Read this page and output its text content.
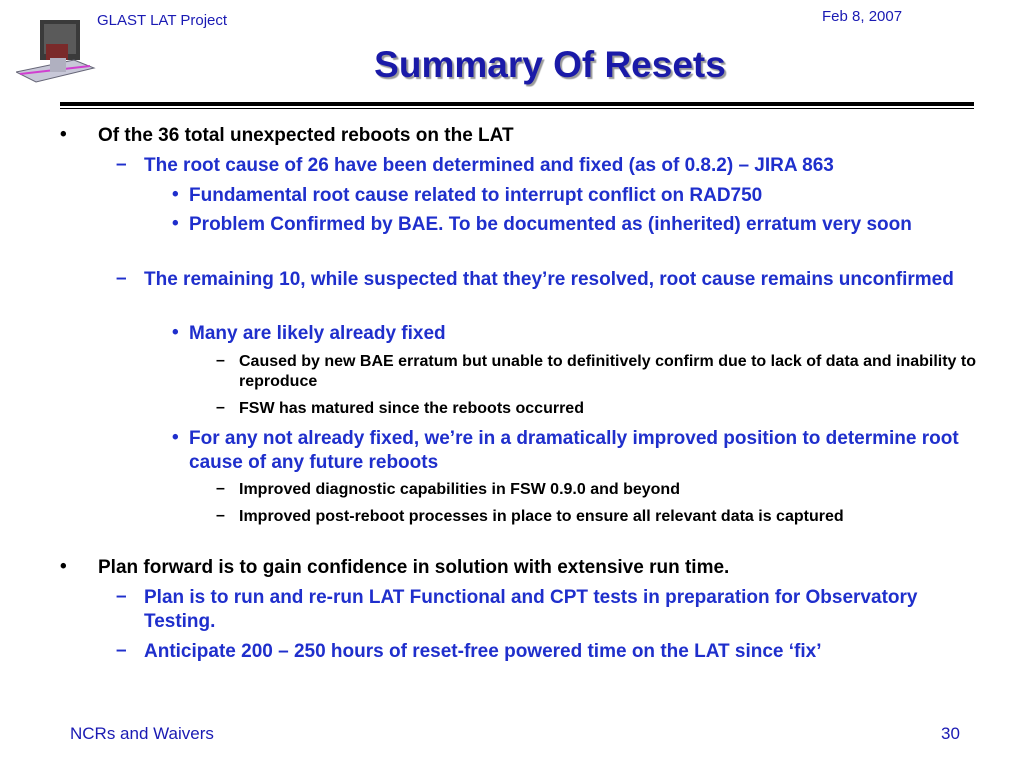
GLAST LAT Project	Feb 8, 2007
Summary Of Resets
• Of the 36 total unexpected reboots on the LAT
– The root cause of 26 have been determined and fixed (as of 0.8.2) – JIRA 863
• Fundamental root cause related to interrupt conflict on RAD750
• Problem Confirmed by BAE. To be documented as (inherited) erratum very soon
– The remaining 10, while suspected that they’re resolved, root cause remains unconfirmed
• Many are likely already fixed
– Caused by new BAE erratum but unable to definitively confirm due to lack of data and inability to reproduce
– FSW has matured since the reboots occurred
• For any not already fixed, we’re in a dramatically improved position to determine root cause of any future reboots
– Improved diagnostic capabilities in FSW 0.9.0 and beyond
– Improved post-reboot processes in place to ensure all relevant data is captured
• Plan forward is to gain confidence in solution with extensive run time.
– Plan is to run and re-run LAT Functional and CPT tests in preparation for Observatory Testing.
– Anticipate 200 – 250 hours of reset-free powered time on the LAT since ‘fix’
NCRs and Waivers	30
